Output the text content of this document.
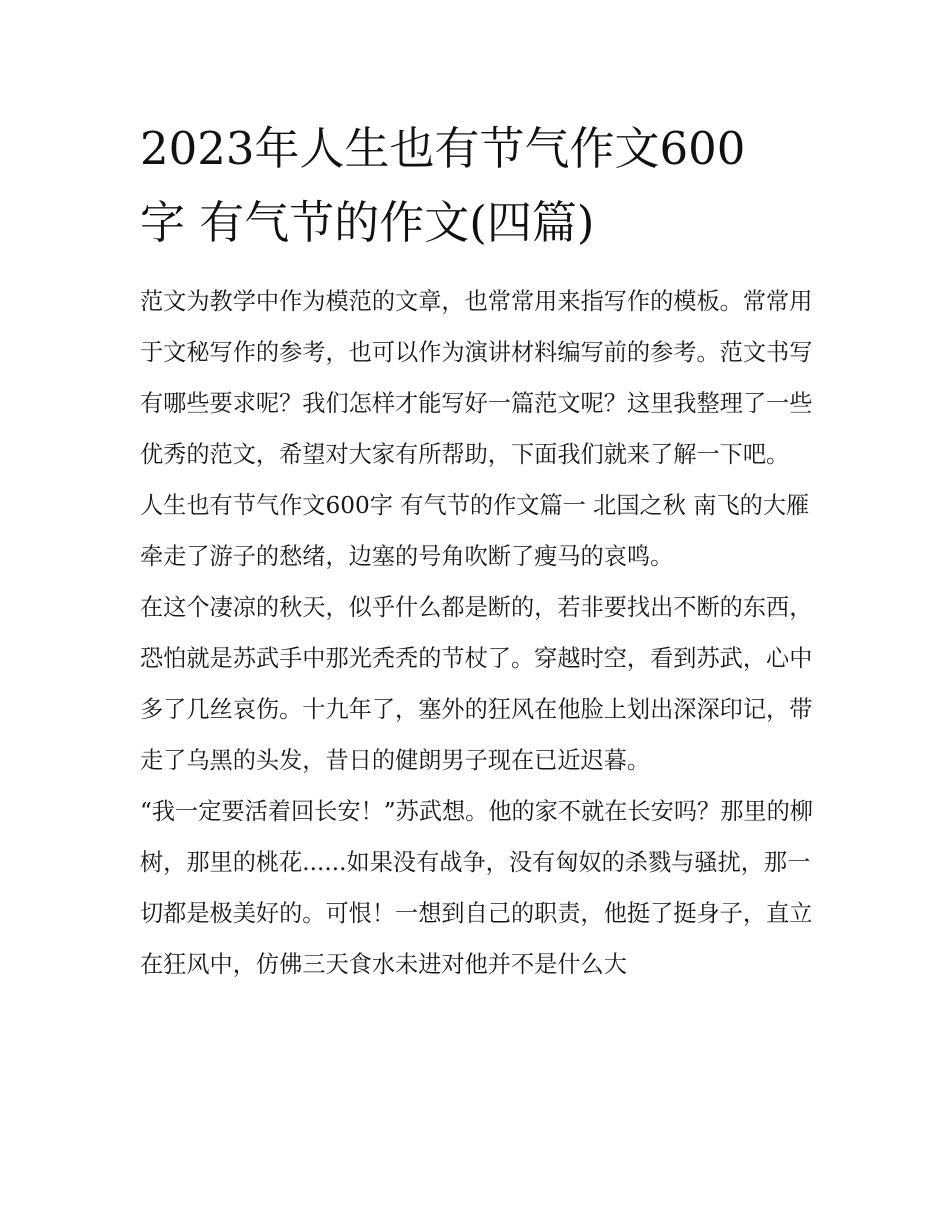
2023年人生也有节气作文600
字 有气节的作文(四篇)

范文为教学中作为模范的文章，也常常用来指写作的模板。常常用于文秘写作的参考，也可以作为演讲材料编写前的参考。范文书写有哪些要求呢？我们怎样才能写好一篇范文呢？这里我整理了一些优秀的范文，希望对大家有所帮助，下面我们就来了解一下吧。

人生也有节气作文600字 有气节的作文篇一 北国之秋 南飞的大雁牵走了游子的愁绪，边塞的号角吹断了瘦马的哀鸣。

在这个凄凉的秋天，似乎什么都是断的，若非要找出不断的东西，恐怕就是苏武手中那光秃秃的节杖了。穿越时空，看到苏武，心中多了几丝哀伤。十九年了，塞外的狂风在他脸上划出深深印记，带走了乌黑的头发，昔日的健朗男子现在已近迟暮。

“我一定要活着回长安！”苏武想。他的家不就在长安吗？那里的柳树，那里的桃花......如果没有战争，没有匈奴的杀戮与骚扰，那一切都是极美好的。可恨！一想到自己的职责，他挺了挺身子，直立在狂风中，仿佛三天食水未进对他并不是什么大
